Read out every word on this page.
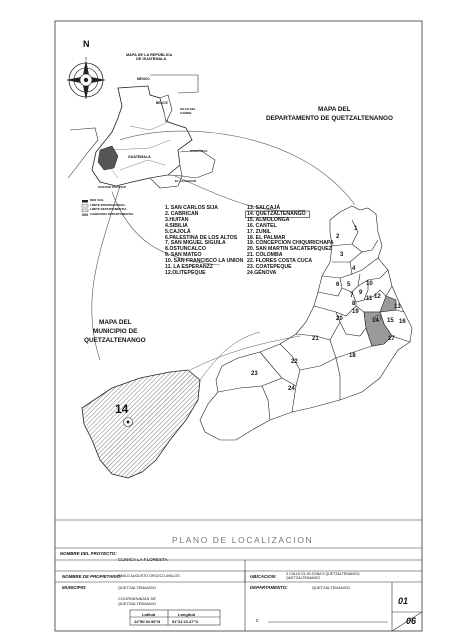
N
MAPA DE LA REPÚBLICA
DE GUATEMALA
MEXICO
BELICE
ISLAS DEL
CARIBE
GUATEMALA
HONDURAS
EL SALVADOR
OCEANO PACIFICO
RED VIAL
LIMITE INTERNACIONAL
LIMITE DEPARTAMENTAL
CABECERA DEPARTAMENTAL
MAPA DEL
DEPARTAMENTO DE QUETZALTENANGO
MAPA DEL
MUNICIPIO DE
QUETZALTENANGO
14
1. SAN CARLOS SIJA
2. CABRICAN
3.HUITAN
4.SIBILIA
5.CAJOLÁ
6.PALESTINA DE LOS ALTOS
7. SAN MIGUEL SIGUILA
8.OSTUNCALCO
9. SAN MATEO
10. SAN FRANCISCO LA UNION
11. LA ESPERANZZ
12.OLITEPEQUE
13. SALCAJÁ
14. QUETZALTENANGO
15. ALMOLONGA
16. CANTEL
17. ZUNIL
18. EL PALMAR
19. CONCEPCION CHIQUIRICHAPA
20. SAN MARTIN SACATEPEQUEZ
21. COLOMBA
22. FLORES COSTA CUCA
23. COATEPEQUE
24.GÉNOVA
1
2
3
4
5
6
7
8
9
10
11 12
13
14 15 16
17
18
19
20
21
22
23
24
PLANO DE LOCALIZACION
NOMBRE DEL PROYECTO:
CLINICA LA FLORESTA
NOMBRE DE PROPIETARIO:
PABLO AUGUSTO OROZCO AVALOS	UBICACION:
3 CALLE 01-90 ZONA 9 QUETZALTENANGO,
QUETZALTENANGO.
MUNICIPIO:	QUETZALTENANGO	DEPARTAMENTO:	QUETZALTENANGO
COORDENADAS DE
QUETZALTENANGO
Latitud	Longitud
14°50'40.98"N	91°31'23.47"O	c
01
06
